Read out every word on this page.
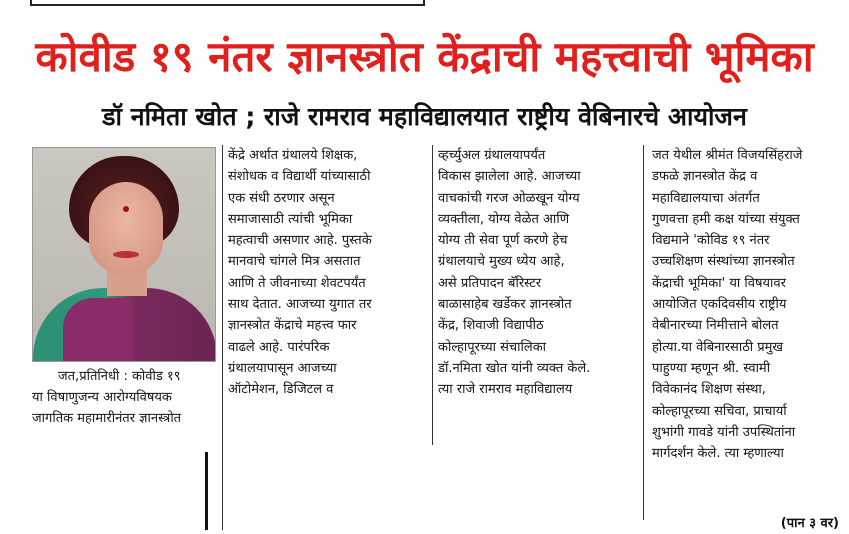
कोवीड १९ नंतर ज्ञानस्त्रोत केंद्राची महत्त्वाची भूमिका
डॉ नमिता खोत ; राजे रामराव महाविद्यालयात राष्ट्रीय वेबिनारचे आयोजन
जत,प्रतिनिधी : कोवीड १९
या विषाणुजन्य आरोग्यविषयक
जागतिक महामारीनंतर ज्ञानस्त्रोत
केंद्रे अर्थात ग्रंथालये शिक्षक,
संशोधक व विद्यार्थी यांच्यासाठी
एक संधी ठरणार असून
समाजासाठी त्यांची भूमिका
महत्वाची असणार आहे. पुस्तके
मानवाचे चांगले मित्र असतात
आणि ते जीवनाच्या शेवटपर्यंत
साथ देतात. आजच्या युगात तर
ज्ञानस्त्रोत केंद्राचे महत्त्व फार
वाढले आहे. पारंपरिक
ग्रंथालयापासून आजच्या
ऑटोमेशन, डिजिटल व
व्हर्च्युअल ग्रंथालयापर्यंत
विकास झालेला आहे. आजच्या
वाचकांची गरज ओळखून योग्य
व्यक्तीला, योग्य वेळेत आणि
योग्य ती सेवा पूर्ण करणे हेच
ग्रंथालयाचे मुख्य ध्येय आहे,
असे प्रतिपादन बॅरिस्टर
बाळासाहेब खर्डेकर ज्ञानस्त्रोत
केंद्र, शिवाजी विद्यापीठ
कोल्हापूरच्या संचालिका
डॉ.नमिता खोत यांनी व्यक्त केले.
त्या राजे रामराव महाविद्यालय
जत येथील श्रीमंत विजयसिंहराजे
डफळे ज्ञानस्त्रोत केंद्र व
महाविद्यालयाचा अंतर्गत
गुणवत्ता हमी कक्ष यांच्या संयुक्त
विद्यमाने 'कोविड १९ नंतर
उच्चशिक्षण संस्थांच्या ज्ञानस्त्रोत
केंद्राची भूमिका' या विषयावर
आयोजित एकदिवसीय राष्ट्रीय
वेबीनारच्या निमीत्ताने बोलत
होत्या.या वेबिनारसाठी प्रमुख
पाहुण्या म्हणून श्री. स्वामी
विवेकानंद शिक्षण संस्था,
कोल्हापूरच्या सचिवा, प्राचार्या
शुभांगी गावडे यांनी उपस्थितांना
मार्गदर्शन केले. त्या म्हणाल्या
(पान ३ वर)
